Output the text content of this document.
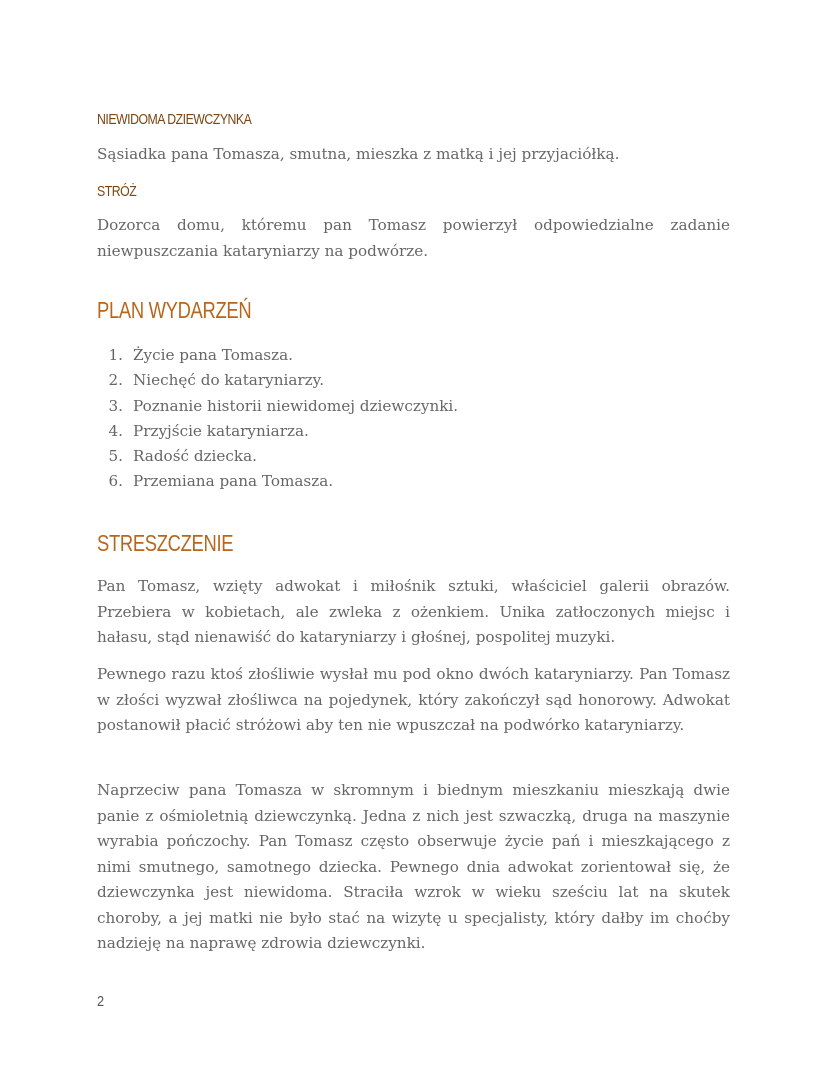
NIEWIDOMA DZIEWCZYNKA

Sąsiadka pana Tomasza, smutna, mieszka z matką i jej przyjaciółką.

STRÓŻ

Dozorca domu, któremu pan Tomasz powierzył odpowiedzialne zadanie niewpuszczania kataryniarzy na podwórze.

PLAN WYDARZEŃ
1. Życie pana Tomasza.
2. Niechęć do kataryniarzy.
3. Poznanie historii niewidomej dziewczynki.
4. Przyjście kataryniarza.
5. Radość dziecka.
6. Przemiana pana Tomasza.
STRESZCZENIE

Pan Tomasz, wzięty adwokat i miłośnik sztuki, właściciel galerii obrazów. Przebiera w kobietach, ale zwleka z ożenkiem. Unika zatłoczonych miejsc i hałasu, stąd nienawiść do kataryniarzy i głośnej, pospolitej muzyki.

Pewnego razu ktoś złośliwie wysłał mu pod okno dwóch kataryniarzy. Pan Tomasz w złości wyzwał złośliwca na pojedynek, który zakończył sąd honorowy. Adwokat postanowił płacić stróżowi aby ten nie wpuszczał na podwórko kataryniarzy.

Naprzeciw pana Tomasza w skromnym i biednym mieszkaniu mieszkają dwie panie z ośmioletnią dziewczynką. Jedna z nich jest szwaczką, druga na maszynie wyrabia pończochy. Pan Tomasz często obserwuje życie pań i mieszkającego z nimi smutnego, samotnego dziecka. Pewnego dnia adwokat zorientował się, że dziewczynka jest niewidoma. Straciła wzrok w wieku sześciu lat na skutek choroby, a jej matki nie było stać na wizytę u specjalisty, który dałby im choćby nadzieję na naprawę zdrowia dziewczynki.

2
